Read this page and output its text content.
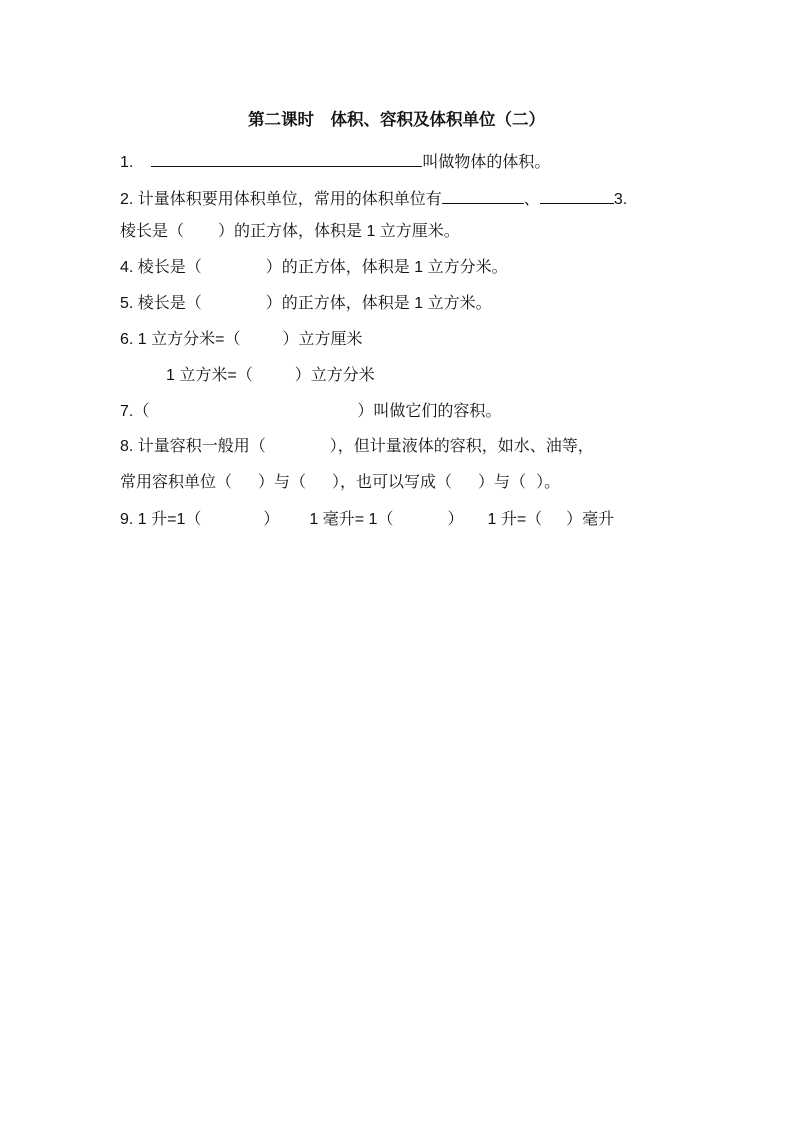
第二课时　体积、容积及体积单位（二）
1.	叫做物体的体积。
2. 计量体积要用体积单位，常用的体积单位有	、	3.
棱长是（ ）的正方体，体积是 1 立方厘米。
4. 棱长是（	）的正方体，体积是 1 立方分米。
5. 棱长是（	）的正方体，体积是 1 立方米。
6. 1 立方分米=（	）立方厘米
1 立方米=（	）立方分米
7.（	）叫做它们的容积。
8. 计量容积一般用（	），但计量液体的容积，如水、油等，
常用容积单位（ ）与（ ），也可以写成（ ）与（ ）。
9. 1 升=1（	） 1 毫升= 1（	） 1 升=（ ）毫升
